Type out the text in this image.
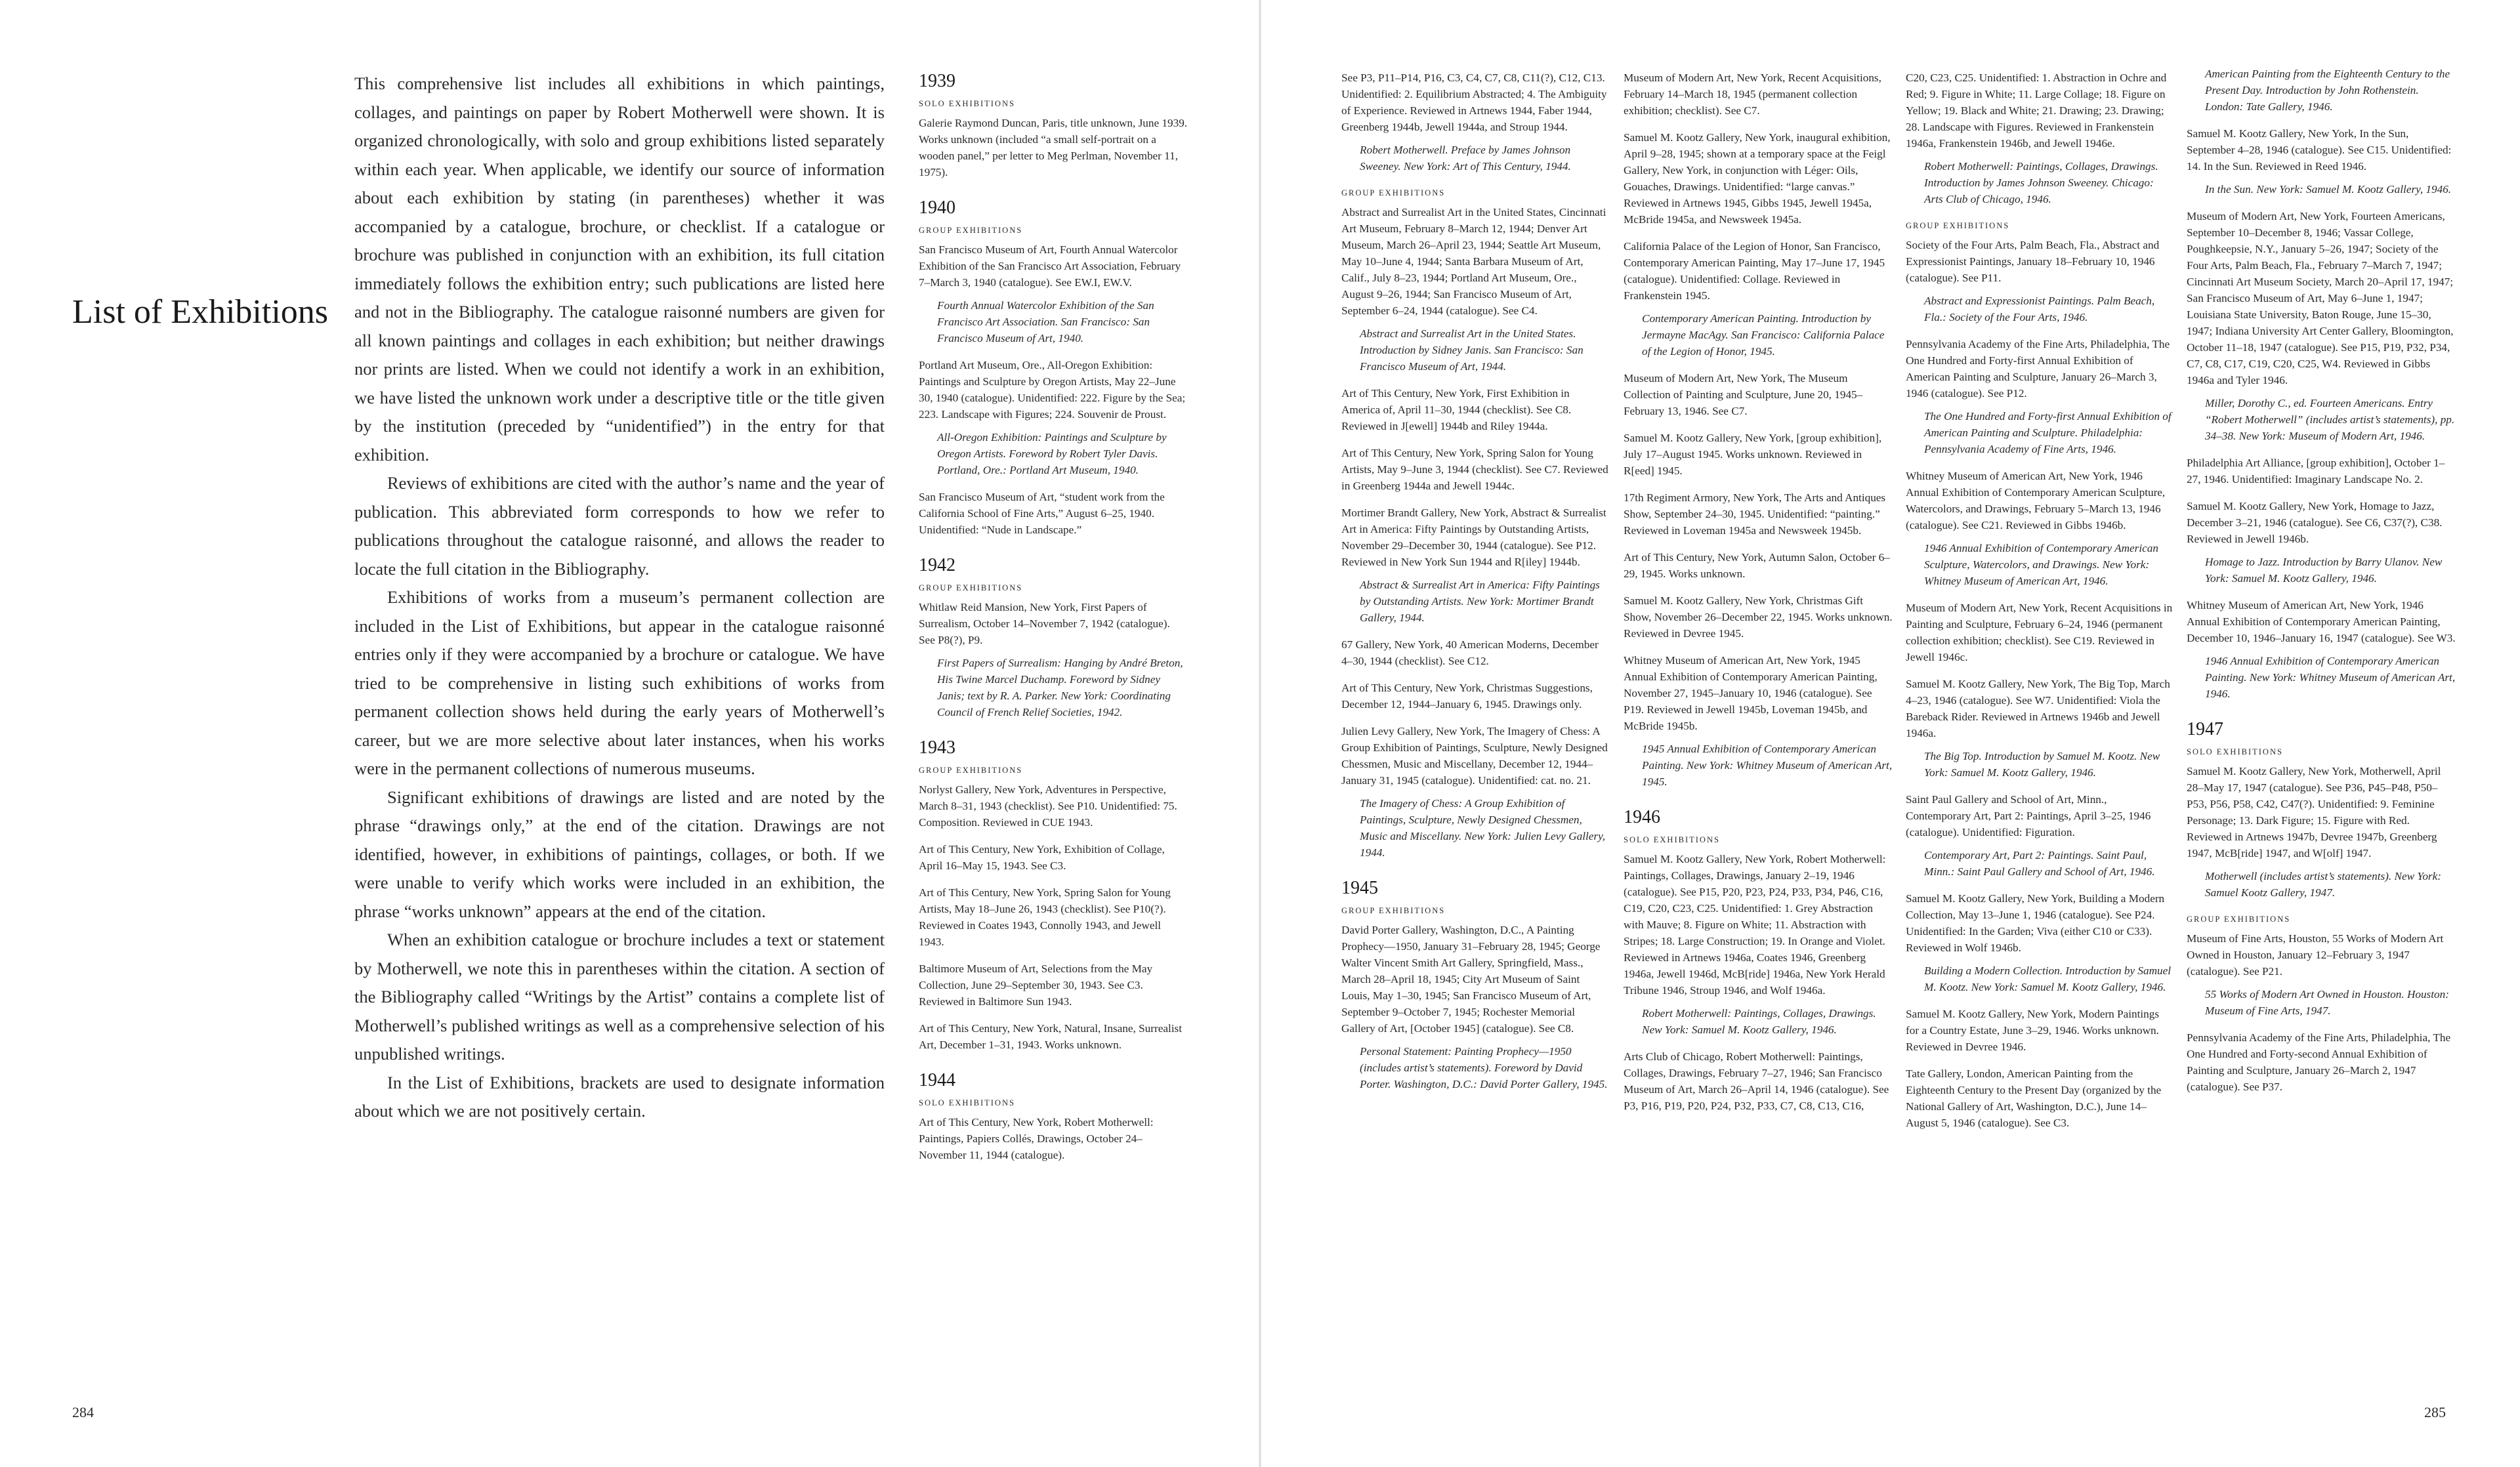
List of Exhibitions

This comprehensive list includes all exhibitions in which paintings, collages, and paintings on paper by Robert Motherwell were shown. It is organized chronologically, with solo and group exhibitions listed separately within each year. When applicable, we identify our source of information about each exhibition by stating (in parentheses) whether it was accompanied by a catalogue, brochure, or checklist. If a catalogue or brochure was published in conjunction with an exhibition, its full citation immediately follows the exhibition entry; such publications are listed here and not in the Bibliography. The catalogue raisonné numbers are given for all known paintings and collages in each exhibition; but neither drawings nor prints are listed. When we could not identify a work in an exhibition, we have listed the unknown work under a descriptive title or the title given by the institution (preceded by “unidentified”) in the entry for that exhibition.

Reviews of exhibitions are cited with the author’s name and the year of publication. This abbreviated form corresponds to how we refer to publications throughout the catalogue raisonné, and allows the reader to locate the full citation in the Bibliography.

Exhibitions of works from a museum’s permanent collection are included in the List of Exhibitions, but appear in the catalogue raisonné entries only if they were accompanied by a brochure or catalogue. We have tried to be comprehensive in listing such exhibitions of works from permanent collection shows held during the early years of Motherwell’s career, but we are more selective about later instances, when his works were in the permanent collections of numerous museums.

Significant exhibitions of drawings are listed and are noted by the phrase “drawings only,” at the end of the citation. Drawings are not identified, however, in exhibitions of paintings, collages, or both. If we were unable to verify which works were included in an exhibition, the phrase “works unknown” appears at the end of the citation.

When an exhibition catalogue or brochure includes a text or statement by Motherwell, we note this in parentheses within the citation. A section of the Bibliography called “Writings by the Artist” contains a complete list of Motherwell’s published writings as well as a comprehensive selection of his unpublished writings.

In the List of Exhibitions, brackets are used to designate information about which we are not positively certain.

1939
SOLO EXHIBITIONS
Galerie Raymond Duncan, Paris, title unknown, June 1939. Works unknown (included “a small self-portrait on a wooden panel,” per letter to Meg Perlman, November 11, 1975).
1940
GROUP EXHIBITIONS
San Francisco Museum of Art, Fourth Annual Watercolor Exhibition of the San Francisco Art Association, February 7–March 3, 1940 (catalogue). See EW.I, EW.V.
Fourth Annual Watercolor Exhibition of the San Francisco Art Association. San Francisco: San Francisco Museum of Art, 1940.
Portland Art Museum, Ore., All-Oregon Exhibition: Paintings and Sculpture by Oregon Artists, May 22–June 30, 1940 (catalogue). Unidentified: 222. Figure by the Sea; 223. Landscape with Figures; 224. Souvenir de Proust.
All-Oregon Exhibition: Paintings and Sculpture by Oregon Artists. Foreword by Robert Tyler Davis. Portland, Ore.: Portland Art Museum, 1940.
San Francisco Museum of Art, “student work from the California School of Fine Arts,” August 6–25, 1940. Unidentified: “Nude in Landscape.”
1942
GROUP EXHIBITIONS
Whitlaw Reid Mansion, New York, First Papers of Surrealism, October 14–November 7, 1942 (catalogue). See P8(?), P9.
First Papers of Surrealism: Hanging by André Breton, His Twine Marcel Duchamp. Foreword by Sidney Janis; text by R. A. Parker. New York: Coordinating Council of French Relief Societies, 1942.
1943
GROUP EXHIBITIONS
Norlyst Gallery, New York, Adventures in Perspective, March 8–31, 1943 (checklist). See P10. Unidentified: 75. Composition. Reviewed in CUE 1943.
Art of This Century, New York, Exhibition of Collage, April 16–May 15, 1943. See C3.
Art of This Century, New York, Spring Salon for Young Artists, May 18–June 26, 1943 (checklist). See P10(?). Reviewed in Coates 1943, Connolly 1943, and Jewell 1943.
Baltimore Museum of Art, Selections from the May Collection, June 29–September 30, 1943. See C3. Reviewed in Baltimore Sun 1943.
Art of This Century, New York, Natural, Insane, Surrealist Art, December 1–31, 1943. Works unknown.
1944
SOLO EXHIBITIONS
Art of This Century, New York, Robert Motherwell: Paintings, Papiers Collés, Drawings, October 24–November 11, 1944 (catalogue).
See P3, P11–P14, P16, C3, C4, C7, C8, C11(?), C12, C13. Unidentified: 2. Equilibrium Abstracted; 4. The Ambiguity of Experience. Reviewed in Artnews 1944, Faber 1944, Greenberg 1944b, Jewell 1944a, and Stroup 1944.
Robert Motherwell. Preface by James Johnson Sweeney. New York: Art of This Century, 1944.
GROUP EXHIBITIONS
Abstract and Surrealist Art in the United States, Cincinnati Art Museum, February 8–March 12, 1944; Denver Art Museum, March 26–April 23, 1944; Seattle Art Museum, May 10–June 4, 1944; Santa Barbara Museum of Art, Calif., July 8–23, 1944; Portland Art Museum, Ore., August 9–26, 1944; San Francisco Museum of Art, September 6–24, 1944 (catalogue). See C4.
Abstract and Surrealist Art in the United States. Introduction by Sidney Janis. San Francisco: San Francisco Museum of Art, 1944.
Art of This Century, New York, First Exhibition in America of, April 11–30, 1944 (checklist). See C8. Reviewed in J[ewell] 1944b and Riley 1944a.
Art of This Century, New York, Spring Salon for Young Artists, May 9–June 3, 1944 (checklist). See C7. Reviewed in Greenberg 1944a and Jewell 1944c.
Mortimer Brandt Gallery, New York, Abstract & Surrealist Art in America: Fifty Paintings by Outstanding Artists, November 29–December 30, 1944 (catalogue). See P12. Reviewed in New York Sun 1944 and R[iley] 1944b.
Abstract & Surrealist Art in America: Fifty Paintings by Outstanding Artists. New York: Mortimer Brandt Gallery, 1944.
67 Gallery, New York, 40 American Moderns, December 4–30, 1944 (checklist). See C12.
Art of This Century, New York, Christmas Suggestions, December 12, 1944–January 6, 1945. Drawings only.
Julien Levy Gallery, New York, The Imagery of Chess: A Group Exhibition of Paintings, Sculpture, Newly Designed Chessmen, Music and Miscellany, December 12, 1944–January 31, 1945 (catalogue). Unidentified: cat. no. 21.
The Imagery of Chess: A Group Exhibition of Paintings, Sculpture, Newly Designed Chessmen, Music and Miscellany. New York: Julien Levy Gallery, 1944.
1945
GROUP EXHIBITIONS
David Porter Gallery, Washington, D.C., A Painting Prophecy—1950, January 31–February 28, 1945; George Walter Vincent Smith Art Gallery, Springfield, Mass., March 28–April 18, 1945; City Art Museum of Saint Louis, May 1–30, 1945; San Francisco Museum of Art, September 9–October 7, 1945; Rochester Memorial Gallery of Art, [October 1945] (catalogue). See C8.
Personal Statement: Painting Prophecy—1950 (includes artist’s statements). Foreword by David Porter. Washington, D.C.: David Porter Gallery, 1945.
Museum of Modern Art, New York, Recent Acquisitions, February 14–March 18, 1945 (permanent collection exhibition; checklist). See C7.
Samuel M. Kootz Gallery, New York, inaugural exhibition, April 9–28, 1945; shown at a temporary space at the Feigl Gallery, New York, in conjunction with Léger: Oils, Gouaches, Drawings. Unidentified: “large canvas.” Reviewed in Artnews 1945, Gibbs 1945, Jewell 1945a, McBride 1945a, and Newsweek 1945a.
California Palace of the Legion of Honor, San Francisco, Contemporary American Painting, May 17–June 17, 1945 (catalogue). Unidentified: Collage. Reviewed in Frankenstein 1945.
Contemporary American Painting. Introduction by Jermayne MacAgy. San Francisco: California Palace of the Legion of Honor, 1945.
Museum of Modern Art, New York, The Museum Collection of Painting and Sculpture, June 20, 1945–February 13, 1946. See C7.
Samuel M. Kootz Gallery, New York, [group exhibition], July 17–August 1945. Works unknown. Reviewed in R[eed] 1945.
17th Regiment Armory, New York, The Arts and Antiques Show, September 24–30, 1945. Unidentified: “painting.” Reviewed in Loveman 1945a and Newsweek 1945b.
Art of This Century, New York, Autumn Salon, October 6–29, 1945. Works unknown.
Samuel M. Kootz Gallery, New York, Christmas Gift Show, November 26–December 22, 1945. Works unknown. Reviewed in Devree 1945.
Whitney Museum of American Art, New York, 1945 Annual Exhibition of Contemporary American Painting, November 27, 1945–January 10, 1946 (catalogue). See P19. Reviewed in Jewell 1945b, Loveman 1945b, and McBride 1945b.
1945 Annual Exhibition of Contemporary American Painting. New York: Whitney Museum of American Art, 1945.
1946
SOLO EXHIBITIONS
Samuel M. Kootz Gallery, New York, Robert Motherwell: Paintings, Collages, Drawings, January 2–19, 1946 (catalogue). See P15, P20, P23, P24, P33, P34, P46, C16, C19, C20, C23, C25. Unidentified: 1. Grey Abstraction with Mauve; 8. Figure on White; 11. Abstraction with Stripes; 18. Large Construction; 19. In Orange and Violet. Reviewed in Artnews 1946a, Coates 1946, Greenberg 1946a, Jewell 1946d, McB[ride] 1946a, New York Herald Tribune 1946, Stroup 1946, and Wolf 1946a.
Robert Motherwell: Paintings, Collages, Drawings. New York: Samuel M. Kootz Gallery, 1946.
Arts Club of Chicago, Robert Motherwell: Paintings, Collages, Drawings, February 7–27, 1946; San Francisco Museum of Art, March 26–April 14, 1946 (catalogue). See P3, P16, P19, P20, P24, P32, P33, C7, C8, C13, C16,
C20, C23, C25. Unidentified: 1. Abstraction in Ochre and Red; 9. Figure in White; 11. Large Collage; 18. Figure on Yellow; 19. Black and White; 21. Drawing; 23. Drawing; 28. Landscape with Figures. Reviewed in Frankenstein 1946a, Frankenstein 1946b, and Jewell 1946e.
Robert Motherwell: Paintings, Collages, Drawings. Introduction by James Johnson Sweeney. Chicago: Arts Club of Chicago, 1946.
GROUP EXHIBITIONS
Society of the Four Arts, Palm Beach, Fla., Abstract and Expressionist Paintings, January 18–February 10, 1946 (catalogue). See P11.
Abstract and Expressionist Paintings. Palm Beach, Fla.: Society of the Four Arts, 1946.
Pennsylvania Academy of the Fine Arts, Philadelphia, The One Hundred and Forty-first Annual Exhibition of American Painting and Sculpture, January 26–March 3, 1946 (catalogue). See P12.
The One Hundred and Forty-first Annual Exhibition of American Painting and Sculpture. Philadelphia: Pennsylvania Academy of Fine Arts, 1946.
Whitney Museum of American Art, New York, 1946 Annual Exhibition of Contemporary American Sculpture, Watercolors, and Drawings, February 5–March 13, 1946 (catalogue). See C21. Reviewed in Gibbs 1946b.
1946 Annual Exhibition of Contemporary American Sculpture, Watercolors, and Drawings. New York: Whitney Museum of American Art, 1946.
Museum of Modern Art, New York, Recent Acquisitions in Painting and Sculpture, February 6–24, 1946 (permanent collection exhibition; checklist). See C19. Reviewed in Jewell 1946c.
Samuel M. Kootz Gallery, New York, The Big Top, March 4–23, 1946 (catalogue). See W7. Unidentified: Viola the Bareback Rider. Reviewed in Artnews 1946b and Jewell 1946a.
The Big Top. Introduction by Samuel M. Kootz. New York: Samuel M. Kootz Gallery, 1946.
Saint Paul Gallery and School of Art, Minn., Contemporary Art, Part 2: Paintings, April 3–25, 1946 (catalogue). Unidentified: Figuration.
Contemporary Art, Part 2: Paintings. Saint Paul, Minn.: Saint Paul Gallery and School of Art, 1946.
Samuel M. Kootz Gallery, New York, Building a Modern Collection, May 13–June 1, 1946 (catalogue). See P24. Unidentified: In the Garden; Viva (either C10 or C33). Reviewed in Wolf 1946b.
Building a Modern Collection. Introduction by Samuel M. Kootz. New York: Samuel M. Kootz Gallery, 1946.
Samuel M. Kootz Gallery, New York, Modern Paintings for a Country Estate, June 3–29, 1946. Works unknown. Reviewed in Devree 1946.
Tate Gallery, London, American Painting from the Eighteenth Century to the Present Day (organized by the National Gallery of Art, Washington, D.C.), June 14–August 5, 1946 (catalogue). See C3.
American Painting from the Eighteenth Century to the Present Day. Introduction by John Rothenstein. London: Tate Gallery, 1946.
Samuel M. Kootz Gallery, New York, In the Sun, September 4–28, 1946 (catalogue). See C15. Unidentified: 14. In the Sun. Reviewed in Reed 1946.
In the Sun. New York: Samuel M. Kootz Gallery, 1946.
Museum of Modern Art, New York, Fourteen Americans, September 10–December 8, 1946; Vassar College, Poughkeepsie, N.Y., January 5–26, 1947; Society of the Four Arts, Palm Beach, Fla., February 7–March 7, 1947; Cincinnati Art Museum Society, March 20–April 17, 1947; San Francisco Museum of Art, May 6–June 1, 1947; Louisiana State University, Baton Rouge, June 15–30, 1947; Indiana University Art Center Gallery, Bloomington, October 11–18, 1947 (catalogue). See P15, P19, P32, P34, C7, C8, C17, C19, C20, C25, W4. Reviewed in Gibbs 1946a and Tyler 1946.
Miller, Dorothy C., ed. Fourteen Americans. Entry “Robert Motherwell” (includes artist’s statements), pp. 34–38. New York: Museum of Modern Art, 1946.
Philadelphia Art Alliance, [group exhibition], October 1–27, 1946. Unidentified: Imaginary Landscape No. 2.
Samuel M. Kootz Gallery, New York, Homage to Jazz, December 3–21, 1946 (catalogue). See C6, C37(?), C38. Reviewed in Jewell 1946b.
Homage to Jazz. Introduction by Barry Ulanov. New York: Samuel M. Kootz Gallery, 1946.
Whitney Museum of American Art, New York, 1946 Annual Exhibition of Contemporary American Painting, December 10, 1946–January 16, 1947 (catalogue). See W3.
1946 Annual Exhibition of Contemporary American Painting. New York: Whitney Museum of American Art, 1946.
1947
SOLO EXHIBITIONS
Samuel M. Kootz Gallery, New York, Motherwell, April 28–May 17, 1947 (catalogue). See P36, P45–P48, P50–P53, P56, P58, C42, C47(?). Unidentified: 9. Feminine Personage; 13. Dark Figure; 15. Figure with Red. Reviewed in Artnews 1947b, Devree 1947b, Greenberg 1947, McB[ride] 1947, and W[olf] 1947.
Motherwell (includes artist’s statements). New York: Samuel Kootz Gallery, 1947.
GROUP EXHIBITIONS
Museum of Fine Arts, Houston, 55 Works of Modern Art Owned in Houston, January 12–February 3, 1947 (catalogue). See P21.
55 Works of Modern Art Owned in Houston. Houston: Museum of Fine Arts, 1947.
Pennsylvania Academy of the Fine Arts, Philadelphia, The One Hundred and Forty-second Annual Exhibition of Painting and Sculpture, January 26–March 2, 1947 (catalogue). See P37.
284	285
